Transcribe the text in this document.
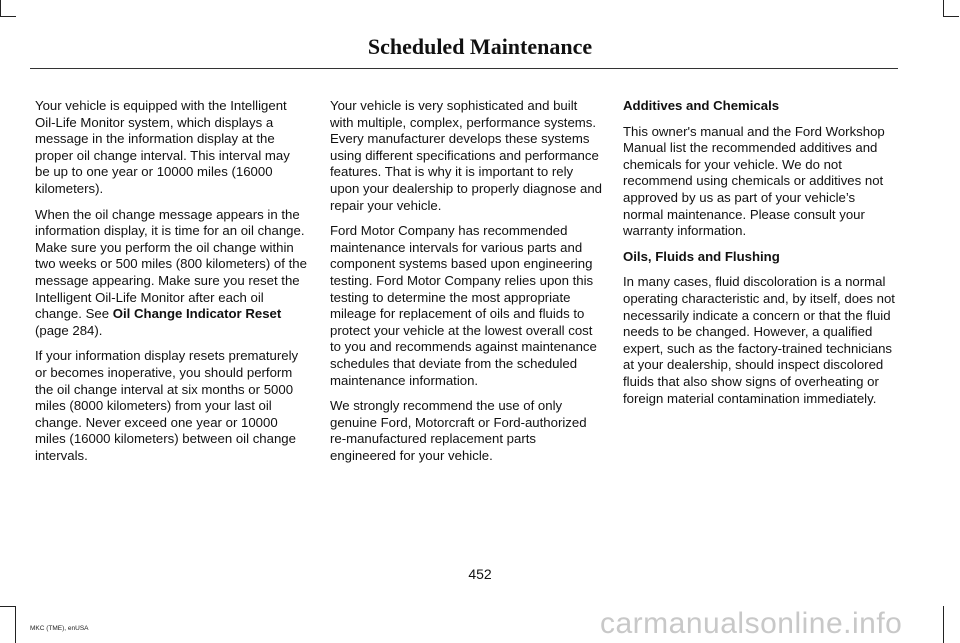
Scheduled Maintenance

Your vehicle is equipped with the Intelligent Oil-Life Monitor system, which displays a message in the information display at the proper oil change interval. This interval may be up to one year or 10000 miles (16000 kilometers).

When the oil change message appears in the information display, it is time for an oil change. Make sure you perform the oil change within two weeks or 500 miles (800 kilometers) of the message appearing. Make sure you reset the Intelligent Oil-Life Monitor after each oil change. See Oil Change Indicator Reset (page 284).

If your information display resets prematurely or becomes inoperative, you should perform the oil change interval at six months or 5000 miles (8000 kilometers) from your last oil change. Never exceed one year or 10000 miles (16000 kilometers) between oil change intervals.

Your vehicle is very sophisticated and built with multiple, complex, performance systems. Every manufacturer develops these systems using different specifications and performance features. That is why it is important to rely upon your dealership to properly diagnose and repair your vehicle.

Ford Motor Company has recommended maintenance intervals for various parts and component systems based upon engineering testing. Ford Motor Company relies upon this testing to determine the most appropriate mileage for replacement of oils and fluids to protect your vehicle at the lowest overall cost to you and recommends against maintenance schedules that deviate from the scheduled maintenance information.

We strongly recommend the use of only genuine Ford, Motorcraft or Ford-authorized re-manufactured replacement parts engineered for your vehicle.

Additives and Chemicals

This owner's manual and the Ford Workshop Manual list the recommended additives and chemicals for your vehicle. We do not recommend using chemicals or additives not approved by us as part of your vehicle’s normal maintenance. Please consult your warranty information.

Oils, Fluids and Flushing

In many cases, fluid discoloration is a normal operating characteristic and, by itself, does not necessarily indicate a concern or that the fluid needs to be changed. However, a qualified expert, such as the factory-trained technicians at your dealership, should inspect discolored fluids that also show signs of overheating or foreign material contamination immediately.

452
MKC (TME), enUSA	carmanualsonline.info
